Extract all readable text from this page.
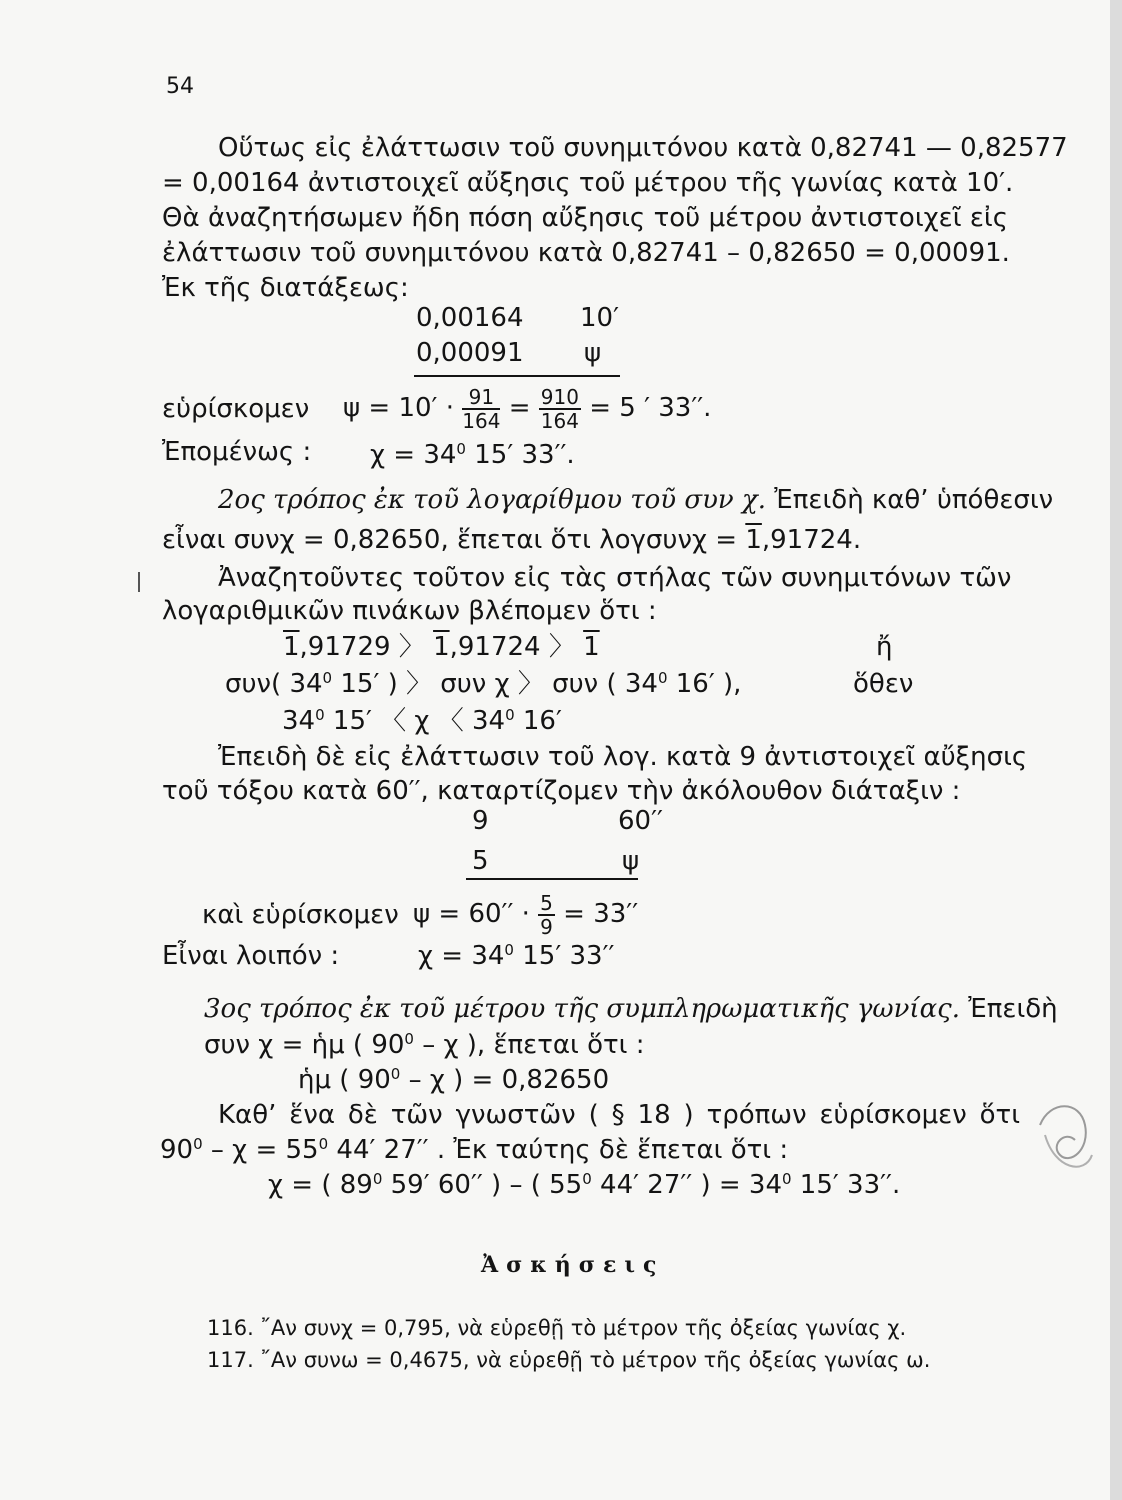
54
Οὕτως εἰς ἐλάττωσιν τοῦ συνημιτόνου κατὰ 0,82741 — 0,82577
= 0,00164 ἀντιστοιχεῖ αὔξησις τοῦ μέτρου τῆς γωνίας κατὰ 10′.
Θὰ ἀναζητήσωμεν ἤδη πόση αὔξησις τοῦ μέτρου ἀντιστοιχεῖ εἰς
ἐλάττωσιν τοῦ συνημιτόνου κατὰ 0,82741 – 0,82650 = 0,00091.
Ἐκ τῆς διατάξεως:
0,00164 10′
0,00091 ψ
εὑρίσκομεν $\psi = 10' \cdot \frac{91}{164} = \frac{910}{164} = 5$ ′ 33′′.
Ἐπομένως : $\chi = 34^0$ 15′ 33′′.
2ος τρόπος ἐκ τοῦ λογαρίθμου τοῦ συν χ. Ἐπειδὴ καθ’ ὑπόθεσιν
εἶναι συνχ = 0,82650, ἕπεται ὅτι λογσυνχ = 1,91724.
Ἀναζητοῦντες τοῦτον εἰς τὰς στήλας τῶν συνημιτόνων τῶν
λογαριθμικῶν πινάκων βλέπομεν ὅτι :
1,91729 〉 1,91724 〉 1	ἤ
συν( $34^0$ 15′ ) 〉 συν χ 〉 συν ( $34^0$ 16′ ),	ὅθεν
$34^0$ 15′ 〈 χ 〈 $34^0$ 16′
Ἐπειδὴ δὲ εἰς ἐλάττωσιν τοῦ λογ. κατὰ 9 ἀντιστοιχεῖ αὔξησις
τοῦ τόξου κατὰ 60′′, καταρτίζομεν τὴν ἀκόλουθον διάταξιν :
9	60′′
5	ψ
καὶ εὑρίσκομεν $\psi = 60'' \cdot \frac{5}{9} = 33''$
Εἶναι λοιπόν :	$\chi = 34^0$ 15′ 33′′
3ος τρόπος ἐκ τοῦ μέτρου τῆς συμπληρωματικῆς γωνίας. Ἐπειδὴ
συν χ = ἡμ ( $90^0$ – χ ), ἕπεται ὅτι :
ἡμ ( $90^0$ – χ ) = 0,82650
Καθ’ ἕνα δὲ τῶν γνωστῶν ( § 18 ) τρόπων εὑρίσκομεν ὅτι
$90^0 - \chi = 55^0$ 44′ 27′′ . Ἐκ ταύτης δὲ ἕπεται ὅτι :
χ = ( $89^0$ 59′ 60′′ ) – ( $55^0$ 44′ 27′′ ) = $34^0$ 15′ 33′′.
Ἀσκήσεις
116. ῎Αν συνχ = 0,795, νὰ εὑρεθῇ τὸ μέτρον τῆς ὀξείας γωνίας χ.
117. ῎Αν συνω = 0,4675, νὰ εὑρεθῇ τὸ μέτρον τῆς ὀξείας γωνίας ω.
